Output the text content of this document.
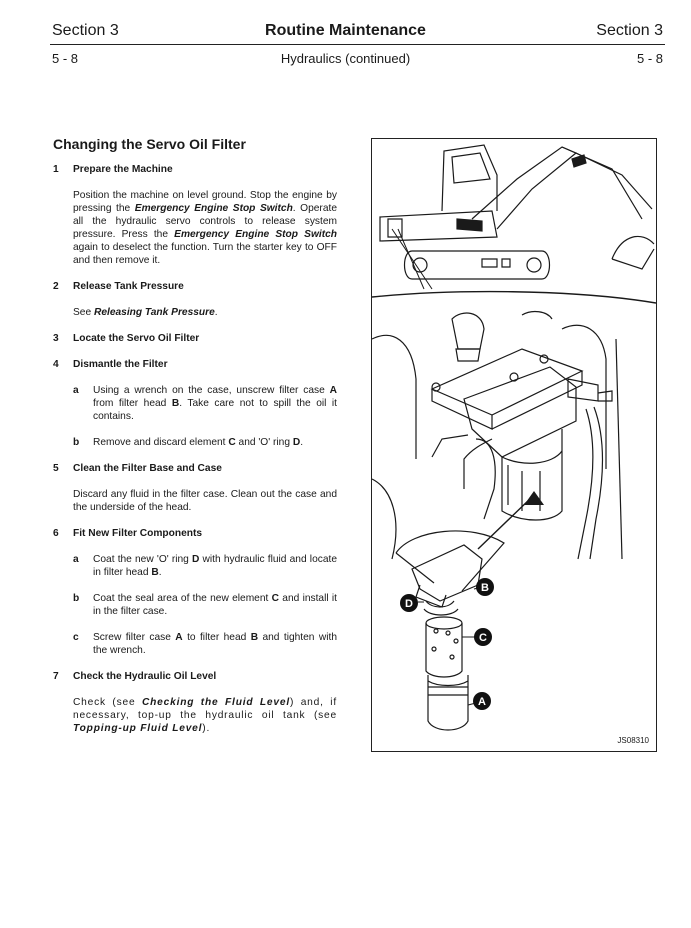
Section 3	Routine Maintenance	Section 3
5 - 8	Hydraulics (continued)	5 - 8
Changing the Servo Oil Filter
1	Prepare the Machine
Position the machine on level ground. Stop the engine by pressing the Emergency Engine Stop Switch. Operate all the hydraulic servo controls to release system pressure. Press the Emergency Engine Stop Switch again to deselect the function. Turn the starter key to OFF and then remove it.
2	Release Tank Pressure
See Releasing Tank Pressure.
3	Locate the Servo Oil Filter
4	Dismantle the Filter
a	Using a wrench on the case, unscrew filter case A from filter head B. Take care not to spill the oil it contains.
b	Remove and discard element C and 'O' ring D.
5	Clean the Filter Base and Case
Discard any fluid in the filter case. Clean out the case and the underside of the head.
6	Fit New Filter Components
a	Coat the new 'O' ring D with hydraulic fluid and locate in filter head B.
b	Coat the seal area of the new element C and install it in the filter case.
c	Screw filter case A to filter head B and tighten with the wrench.
7	Check the Hydraulic Oil Level
Check (see Checking the Fluid Level) and, if necessary, top-up the hydraulic oil tank (see Topping-up Fluid Level).
B
D
C
A
JS08310
